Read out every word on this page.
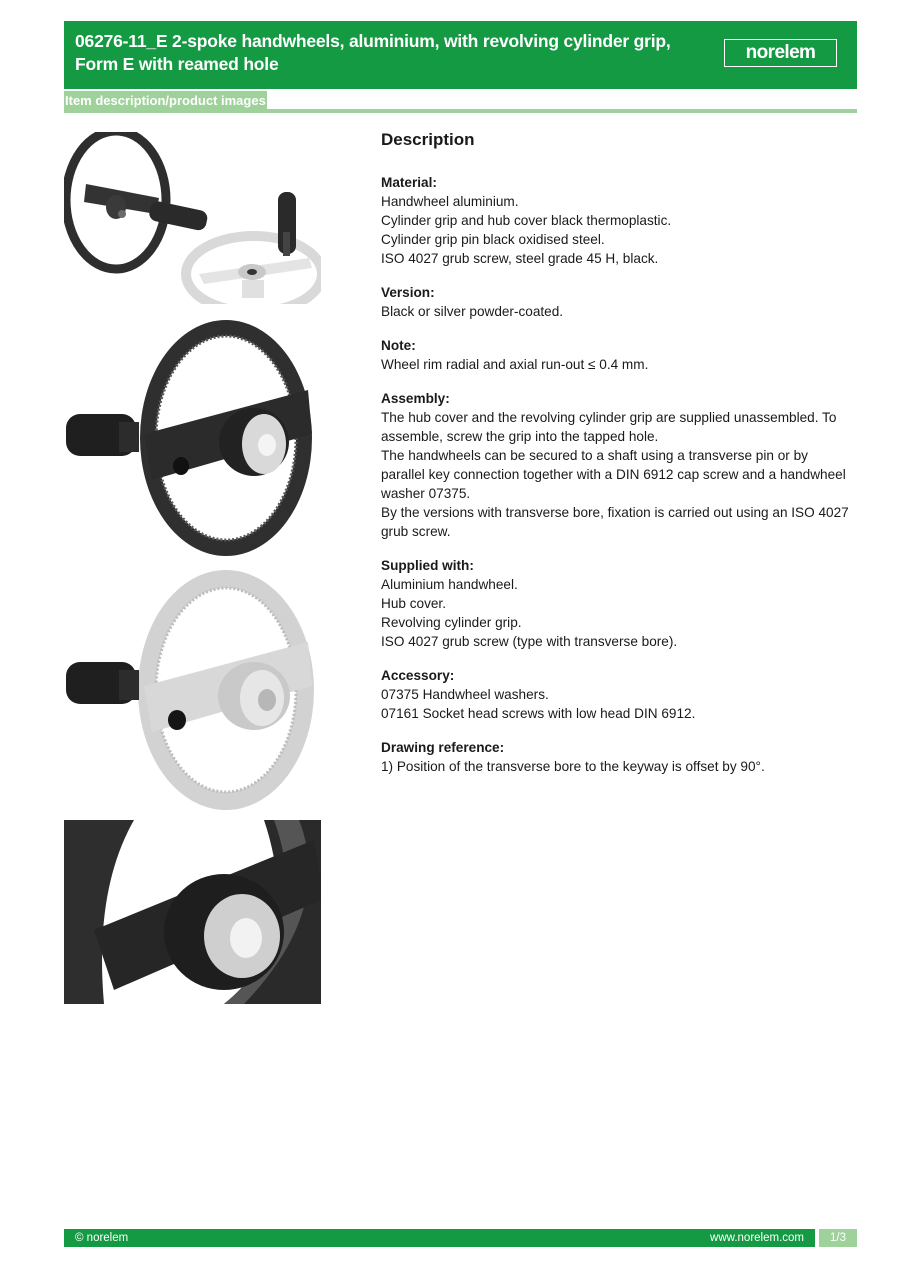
06276-11_E 2-spoke handwheels, aluminium, with revolving cylinder grip, Form E with reamed hole
norelem
Item description/product images
Description

Material:

Handwheel aluminium.

Cylinder grip and hub cover black thermoplastic.

Cylinder grip pin black oxidised steel.

ISO 4027 grub screw, steel grade 45 H, black.

Version:

Black or silver powder-coated.

Note:

Wheel rim radial and axial run-out ≤ 0.4 mm.

Assembly:

The hub cover and the revolving cylinder grip are supplied unassembled. To assemble, screw the grip into the tapped hole.

The handwheels can be secured to a shaft using a transverse pin or by parallel key connection together with a DIN 6912 cap screw and a handwheel washer 07375.

By the versions with transverse bore, fixation is carried out using an ISO 4027 grub screw.

Supplied with:

Aluminium handwheel.

Hub cover.

Revolving cylinder grip.

ISO 4027 grub screw (type with transverse bore).

Accessory:

07375 Handwheel washers.

07161 Socket head screws with low head DIN 6912.

Drawing reference:

1) Position of the transverse bore to the keyway is offset by 90°.

© norelem	www.norelem.com	1/3
